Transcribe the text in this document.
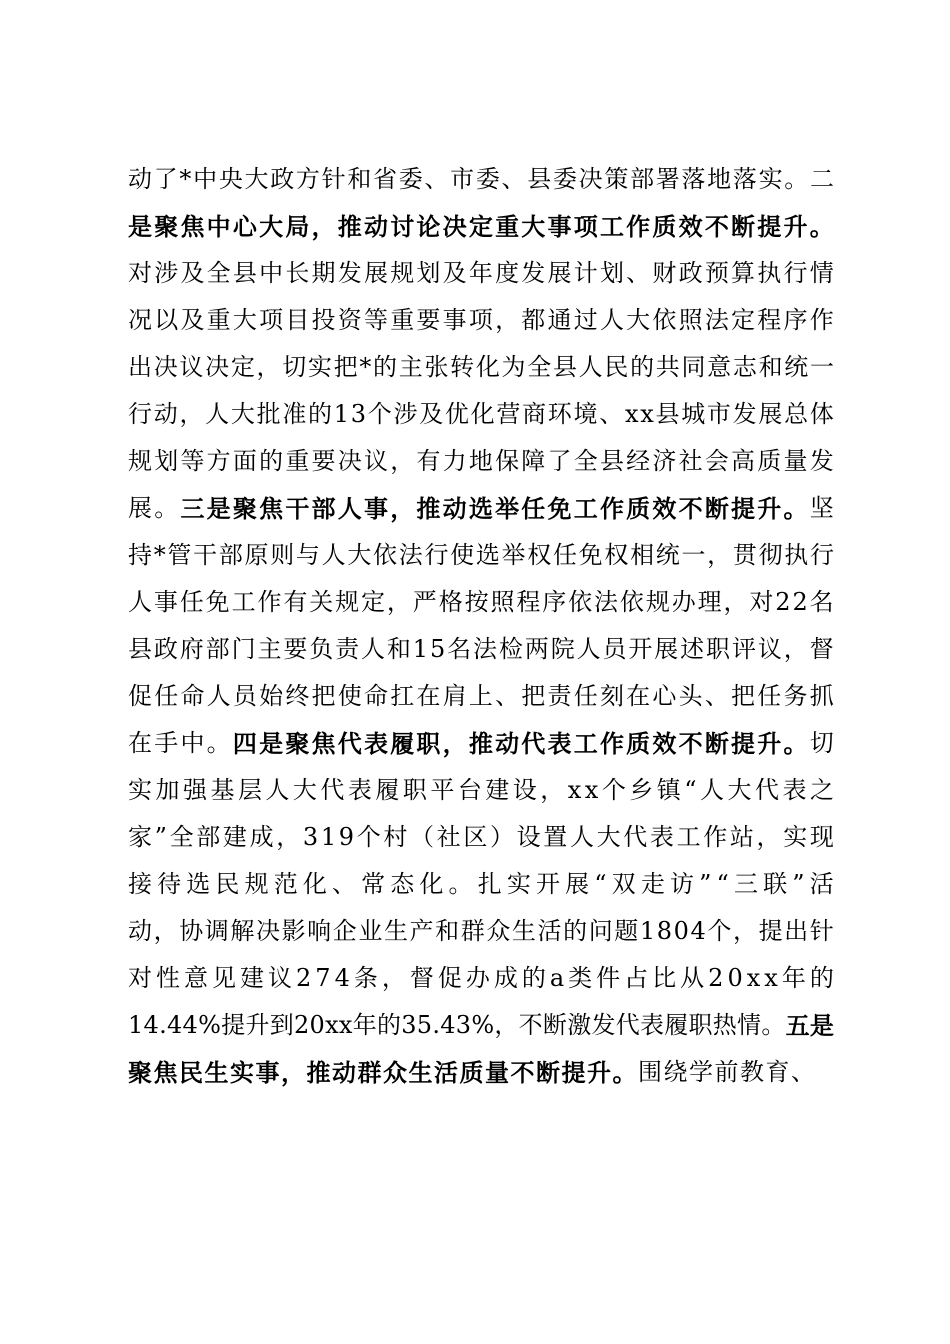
动 了 * 中 央 大 政 方 针 和 省 委 、 市 委 、 县 委 决 策 部 署 落 地 落 实 。 二
是 聚 焦 中 心 大 局 ， 推 动 讨 论 决 定 重 大 事 项 工 作 质 效 不 断 提 升 。
对 涉 及 全 县 中 长 期 发 展 规 划 及 年 度 发 展 计 划 、 财 政 预 算 执 行 情
况 以 及 重 大 项 目 投 资 等 重 要 事 项 ， 都 通 过 人 大 依 照 法 定 程 序 作
出 决 议 决 定 ， 切 实 把 * 的 主 张 转 化 为 全 县 人 民 的 共 同 意 志 和 统 一
行 动 ， 人 大 批 准 的 1 3 个 涉 及 优 化 营 商 环 境 、 x x 县 城 市 发 展 总 体
规 划 等 方 面 的 重 要 决 议 ， 有 力 地 保 障 了 全 县 经 济 社 会 高 质 量 发
展 。 三 是 聚 焦 干 部 人 事 ， 推 动 选 举 任 免 工 作 质 效 不 断 提 升 。 坚
持 * 管 干 部 原 则 与 人 大 依 法 行 使 选 举 权 任 免 权 相 统 一 ， 贯 彻 执 行
人 事 任 免 工 作 有 关 规 定 ， 严 格 按 照 程 序 依 法 依 规 办 理 ， 对 2 2 名
县 政 府 部 门 主 要 负 责 人 和 1 5 名 法 检 两 院 人 员 开 展 述 职 评 议 ， 督
促 任 命 人 员 始 终 把 使 命 扛 在 肩 上 、 把 责 任 刻 在 心 头 、 把 任 务 抓
在 手 中 。 四 是 聚 焦 代 表 履 职 ， 推 动 代 表 工 作 质 效 不 断 提 升 。 切
实 加 强 基 层 人 大 代 表 履 职 平 台 建 设 ， x x 个 乡 镇 “ 人 大 代 表 之
家 ” 全 部 建 成 ， 3 1 9 个 村 （ 社 区 ） 设 置 人 大 代 表 工 作 站 ， 实 现
接 待 选 民 规 范 化 、 常 态 化 。 扎 实 开 展 “ 双 走 访 ” “ 三 联 ” 活
动 ， 协 调 解 决 影 响 企 业 生 产 和 群 众 生 活 的 问 题 1 8 0 4 个 ， 提 出 针
对 性 意 见 建 议 2 7 4 条 ， 督 促 办 成 的 a 类 件 占 比 从 2 0 x x 年 的
1 4 . 4 4 % 提 升 到 2 0 x x 年 的 3 5 . 4 3 % ， 不 断 激 发 代 表 履 职 热 情 。 五 是
聚 焦 民 生 实 事 ， 推 动 群 众 生 活 质 量 不 断 提 升 。 围 绕 学 前 教 育 、
